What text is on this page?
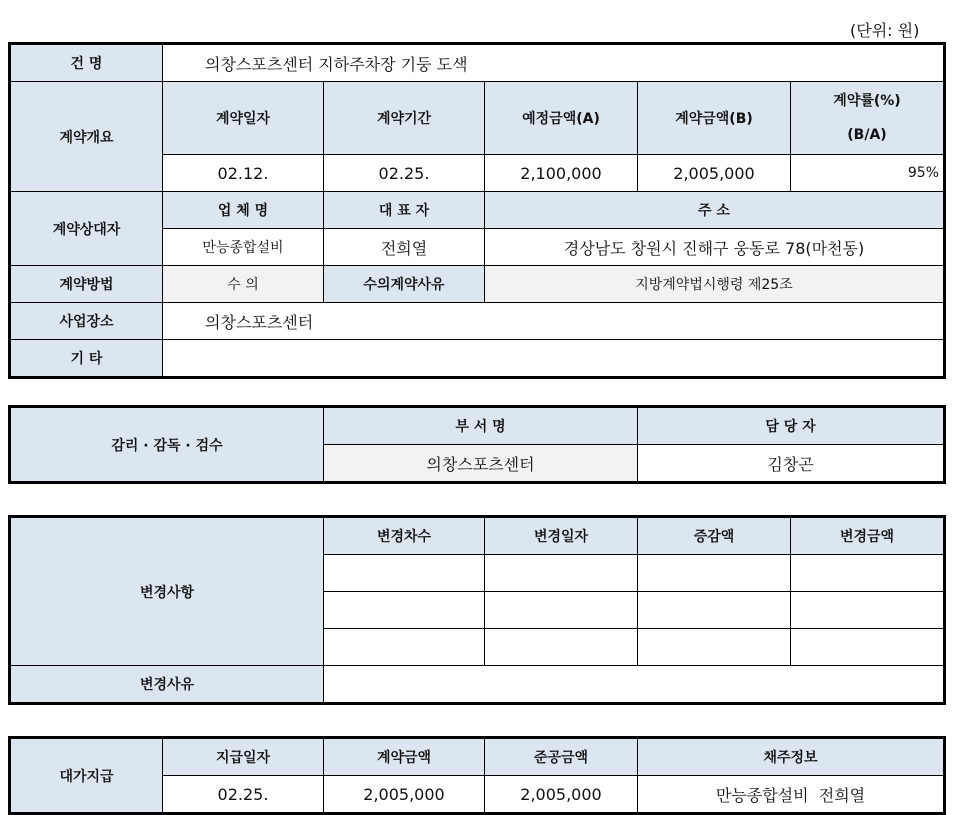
(단위: 원)
건 명	의창스포츠센터 지하주차장 기둥 도색				
계약개요	계약일자	계약기간	예정금액(A)	계약금액(B)	계약률(%)
(B/A)

	02.12.	02.25.	2,100,000	2,005,000	95%
계약상대자	업 체 명	대 표 자	주 소		
	만능종합설비	전희열	경상남도 창원시 진해구 웅동로 78(마천동)		
계약방법	수 의	수의계약사유	지방계약법시행령 제25조		
사업장소	의창스포츠센터				
기 타					
감리 · 감독 · 검수	부 서 명	담 당 자
	의창스포츠센터	김창곤
변경사항	변경차수	변경일자	증감액	변경금액

변경사유				
대가지급	지급일자	계약금액	준공금액	채주정보
	02.25.	2,005,000	2,005,000	만능종합설비  전희열
